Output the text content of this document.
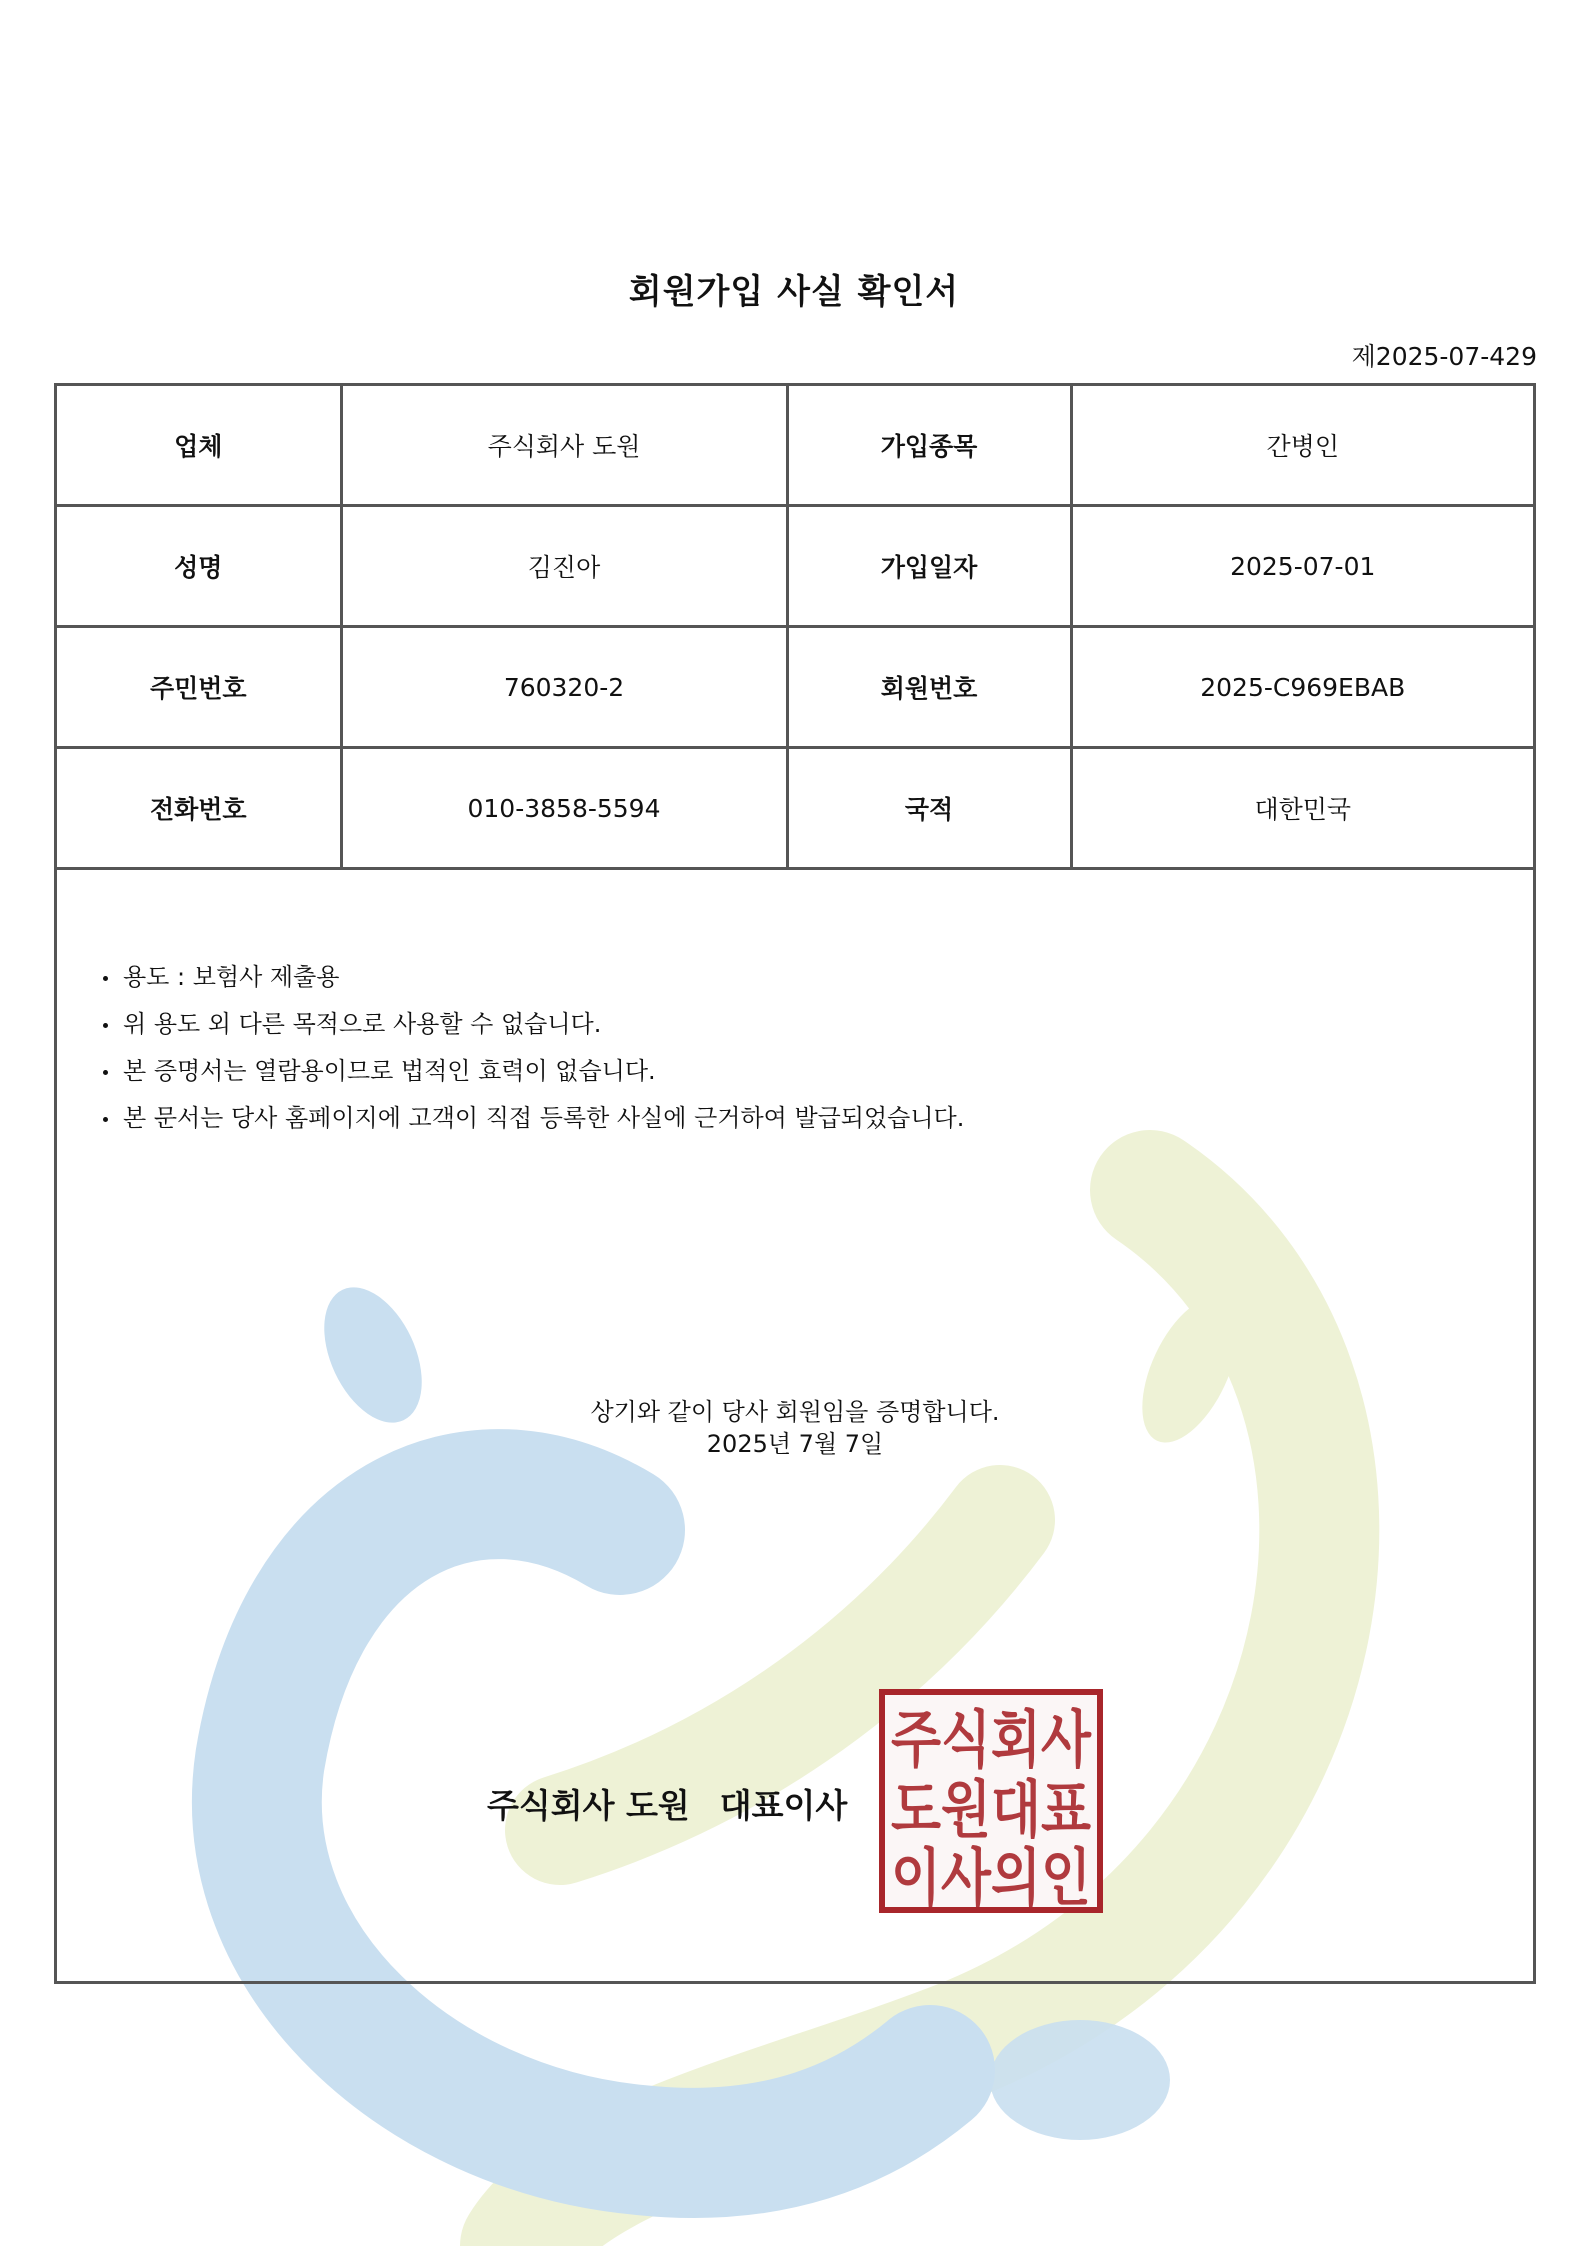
회원가입 사실 확인서
제2025-07-429
업체	주식회사 도원	가입종목	간병인
성명	김진아	가입일자	2025-07-01
주민번호	760320-2	회원번호	2025-C969EBAB
전화번호	010-3858-5594	국적	대한민국
용도 : 보험사 제출용
위 용도 외 다른 목적으로 사용할 수 없습니다.
본 증명서는 열람용이므로 법적인 효력이 없습니다.
본 문서는 당사 홈페이지에 고객이 직접 등록한 사실에 근거하여 발급되었습니다.
상기와 같이 당사 회원임을 증명합니다.
2025년 7월 7일
주식회사 도원 대표이사
주식회사
도원대표
이사의인
